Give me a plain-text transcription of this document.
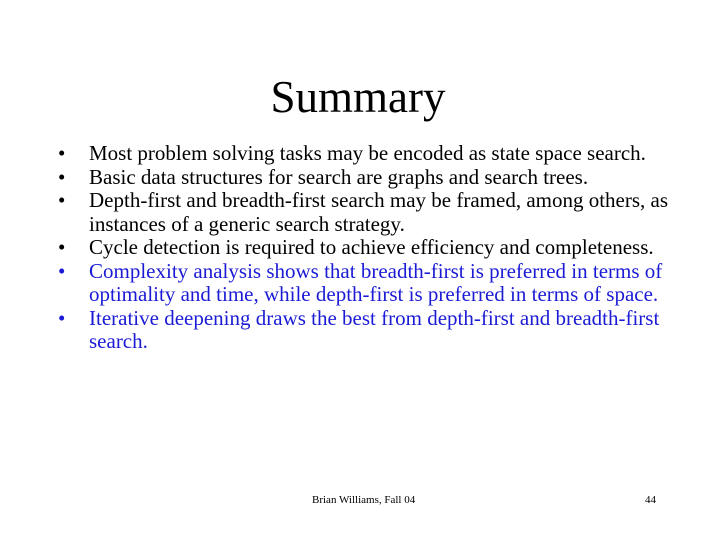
Summary
•	Most problem solving tasks may be encoded as state space search.
•	Basic data structures for search are graphs and search trees.
•	Depth-first and breadth-first search may be framed, among others, as instances of a generic search strategy.
•	Cycle detection is required to achieve efficiency and completeness.
•	Complexity analysis shows that breadth-first is preferred in terms of optimality and time, while depth-first is preferred in terms of space.
•	Iterative deepening draws the best from depth-first and breadth-first search.
Brian Williams, Fall 04	44
